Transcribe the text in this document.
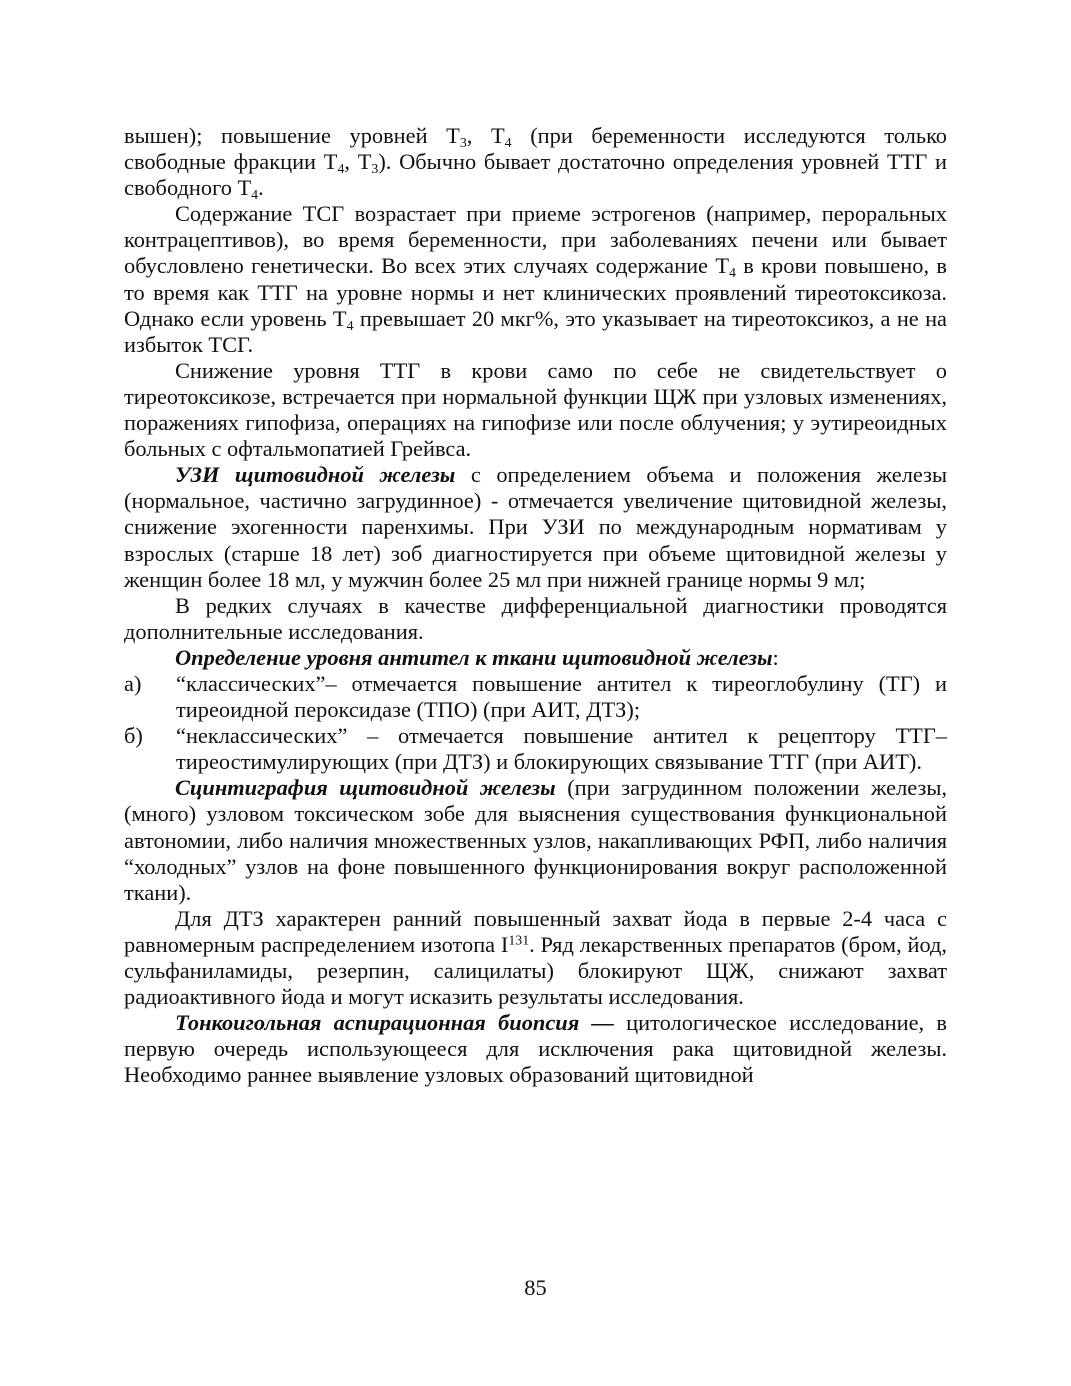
вышен); повышение уровней $Т_3$, $Т_4$ (при беременности исследуются только свободные фракции $Т_4$, $Т_3$). Обычно бывает достаточно определения уровней ТТГ и свободного $Т_4$.

Содержание ТСГ возрастает при приеме эстрогенов (например, пероральных контрацептивов), во время беременности, при заболеваниях печени или бывает обусловлено генетически. Во всех этих случаях содержание $Т_4$ в крови повышено, в то время как ТТГ на уровне нормы и нет клинических проявлений тиреотоксикоза. Однако если уровень $Т_4$ превышает 20 мкг%, это указывает на тиреотоксикоз, а не на избыток ТСГ.

Снижение уровня ТТГ в крови само по себе не свидетельствует о тиреотоксикозе, встречается при нормальной функции ЩЖ при узловых изменениях, поражениях гипофиза, операциях на гипофизе или после облучения; у эутиреоидных больных с офтальмопатией Грейвса.

УЗИ щитовидной железы с определением объема и положения железы (нормальное, частично загрудинное) - отмечается увеличение щитовидной железы, снижение эхогенности паренхимы. При УЗИ по международным нормативам у взрослых (старше 18 лет) зоб диагностируется при объеме щитовидной железы у женщин более 18 мл, у мужчин более 25 мл при нижней границе нормы 9 мл;

В редких случаях в качестве дифференциальной диагностики проводятся дополнительные исследования.

Определение уровня антител к ткани щитовидной железы:

а)	“классических”– отмечается повышение антител к тиреоглобулину (ТГ) и тиреоидной пероксидазе (ТПО) (при АИТ, ДТЗ);
б)	“неклассических” – отмечается повышение антител к рецептору ТТГ– тиреостимулирующих (при ДТЗ) и блокирующих связывание ТТГ (при АИТ).

Сцинтиграфия щитовидной железы (при загрудинном положении железы, (много) узловом токсическом зобе для выяснения существования функциональной автономии, либо наличия множественных узлов, накапливающих РФП, либо наличия “холодных” узлов на фоне повышенного функционирования вокруг расположенной ткани).

Для ДТЗ характерен ранний повышенный захват йода в первые 2-4 часа с равномерным распределением изотопа $I^{131}$. Ряд лекарственных препаратов (бром, йод, сульфаниламиды, резерпин, салицилаты) блокируют ЩЖ, снижают захват радиоактивного йода и могут исказить результаты исследования.

Тонкоигольная аспирационная биопсия — цитологическое исследование, в первую очередь использующееся для исключения рака щитовидной железы. Необходимо раннее выявление узловых образований щитовидной

85
